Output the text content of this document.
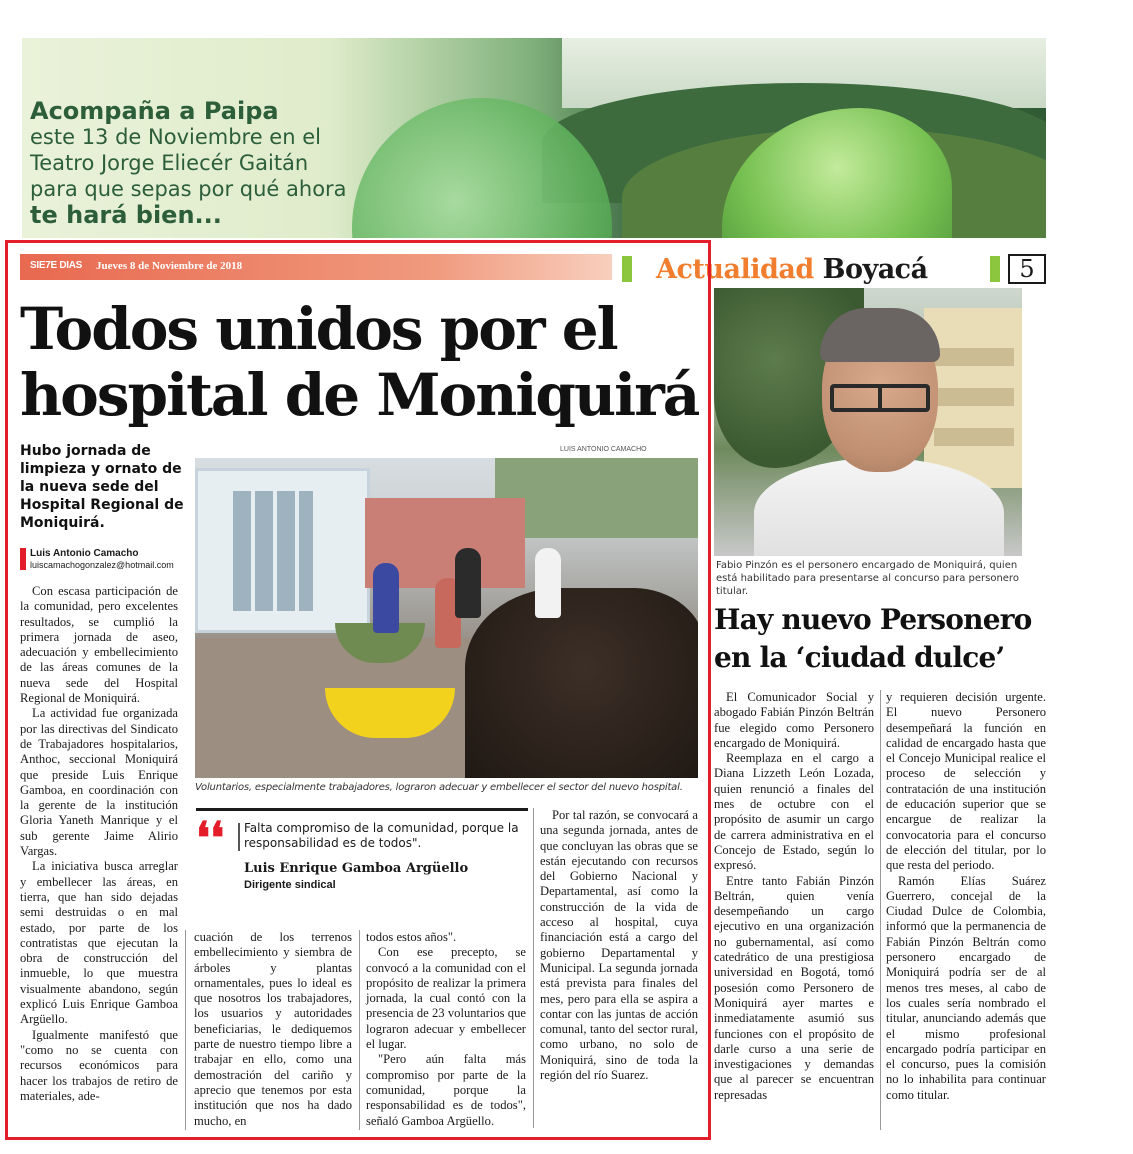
Acompaña a Paipa
este 13 de Noviembre en el
Teatro Jorge Eliecér Gaitán
para que sepas por qué ahora
te hará bien...
SIE7E DIAS Jueves 8 de Noviembre de 2018	Actualidad Boyacá	5
Todos unidos por el hospital de Moniquirá
Hubo jornada de limpieza y ornato de la nueva sede del Hospital Regional de Moniquirá.
Luis Antonio Camacho
luiscamachogonzalez@hotmail.com
LUIS ANTONIO CAMACHO
Voluntarios, especialmente trabajadores, lograron adecuar y embellecer el sector del nuevo hospital.

Con escasa participación de la comunidad, pero excelentes resultados, se cumplió la primera jornada de aseo, adecuación y embellecimiento de las áreas comunes de la nueva sede del Hospital Regional de Moniquirá.

La actividad fue organizada por las directivas del Sindicato de Trabajadores hospitalarios, Anthoc, seccional Moniquirá que preside Luis Enrique Gamboa, en coordinación con la gerente de la institución Gloria Yaneth Manrique y el sub gerente Jaime Alirio Vargas.

La iniciativa busca arreglar y embellecer las áreas, en tierra, que han sido dejadas semi destruidas o en mal estado, por parte de los contratistas que ejecutan la obra de construcción del inmueble, lo que muestra visualmente abandono, según explicó Luis Enrique Gamboa Argüello.

Igualmente manifestó que "como no se cuenta con recursos económicos para hacer los trabajos de retiro de materiales, ade-

❛❛ Falta compromiso de la comunidad, porque la responsabilidad es de todos".
Luis Enrique Gamboa Argüello
Dirigente sindical

cuación de los terrenos embellecimiento y siembra de árboles y plantas ornamentales, pues lo ideal es que nosotros los trabajadores, los usuarios y autoridades beneficiarias, le dediquemos parte de nuestro tiempo libre a trabajar en ello, como una demostración del cariño y aprecio que tenemos por esta institución que nos ha dado mucho, en

todos estos años".

Con ese precepto, se convocó a la comunidad con el propósito de realizar la primera jornada, la cual contó con la presencia de 23 voluntarios que lograron adecuar y embellecer el lugar.

"Pero aún falta más compromiso por parte de la comunidad, porque la responsabilidad es de todos", señaló Gamboa Argüello.

Por tal razón, se convocará a una segunda jornada, antes de que concluyan las obras que se están ejecutando con recursos del Gobierno Nacional y Departamental, así como la construcción de la vida de acceso al hospital, cuya financiación está a cargo del gobierno Departamental y Municipal. La segunda jornada está prevista para finales del mes, pero para ella se aspira a contar con las juntas de acción comunal, tanto del sector rural, como urbano, no solo de Moniquirá, sino de toda la región del río Suarez.

Fabio Pinzón es el personero encargado de Moniquirá, quien está habilitado para presentarse al concurso para personero titular.
Hay nuevo Personero en la ‘ciudad dulce’

El Comunicador Social y abogado Fabián Pinzón Beltrán fue elegido como Personero encargado de Moniquirá.

Reemplaza en el cargo a Diana Lizzeth León Lozada, quien renunció a finales del mes de octubre con el propósito de asumir un cargo de carrera administrativa en el Concejo de Estado, según lo expresó.

Entre tanto Fabián Pinzón Beltrán, quien venía desempeñando un cargo ejecutivo en una organización no gubernamental, así como catedrático de una prestigiosa universidad en Bogotá, tomó posesión como Personero de Moniquirá ayer martes e inmediatamente asumió sus funciones con el propósito de darle curso a una serie de investigaciones y demandas que al parecer se encuentran represadas

y requieren decisión urgente. El nuevo Personero desempeñará la función en calidad de encargado hasta que el Concejo Municipal realice el proceso de selección y contratación de una institución de educación superior que se encargue de realizar la convocatoria para el concurso de elección del titular, por lo que resta del periodo.

Ramón Elías Suárez Guerrero, concejal de la Ciudad Dulce de Colombia, informó que la permanencia de Fabián Pinzón Beltrán como personero encargado de Moniquirá podría ser de al menos tres meses, al cabo de los cuales sería nombrado el titular, anunciando además que el mismo profesional encargado podría participar en el concurso, pues la comisión no lo inhabilita para continuar como titular.
